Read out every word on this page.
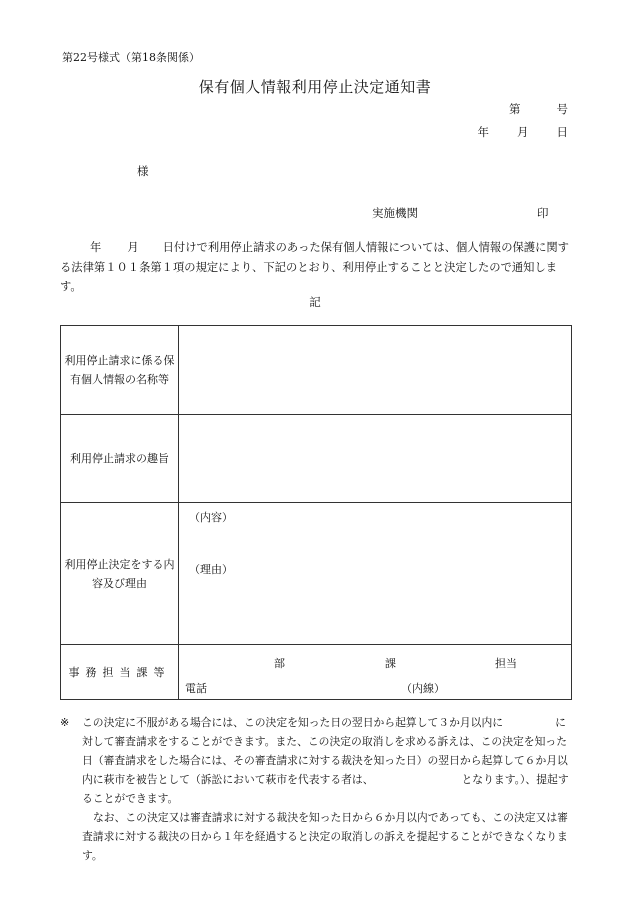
第22号様式（第18条関係）
保有個人情報利用停止決定通知書
第	号
年 月 日
様
実施機関	印
年 月 日付けで利用停止請求のあった保有個人情報については、個人情報の保護に関する法律第１０１条第１項の規定により、下記のとおり、利用停止することと決定したので通知します。
記
利用停止請求に係る保有個人情報の名称等	
利用停止請求の趣旨	
利用停止決定をする内容及び理由	（内容）
（理由）

事務担当課等	部 課 担当
電話 （内線）
※	この決定に不服がある場合には、この決定を知った日の翌日から起算して３か月以内に	に対して審査請求をすることができます。また、この決定の取消しを求める訴えは、この決定を知った日（審査請求をした場合には、その審査請求に対する裁決を知った日）の翌日から起算して６か月以内に萩市を被告として（訴訟において萩市を代表する者は、	となります。）、提起することができます。
なお、この決定又は審査請求に対する裁決を知った日から６か月以内であっても、この決定又は審査請求に対する裁決の日から１年を経過すると決定の取消しの訴えを提起することができなくなります。
